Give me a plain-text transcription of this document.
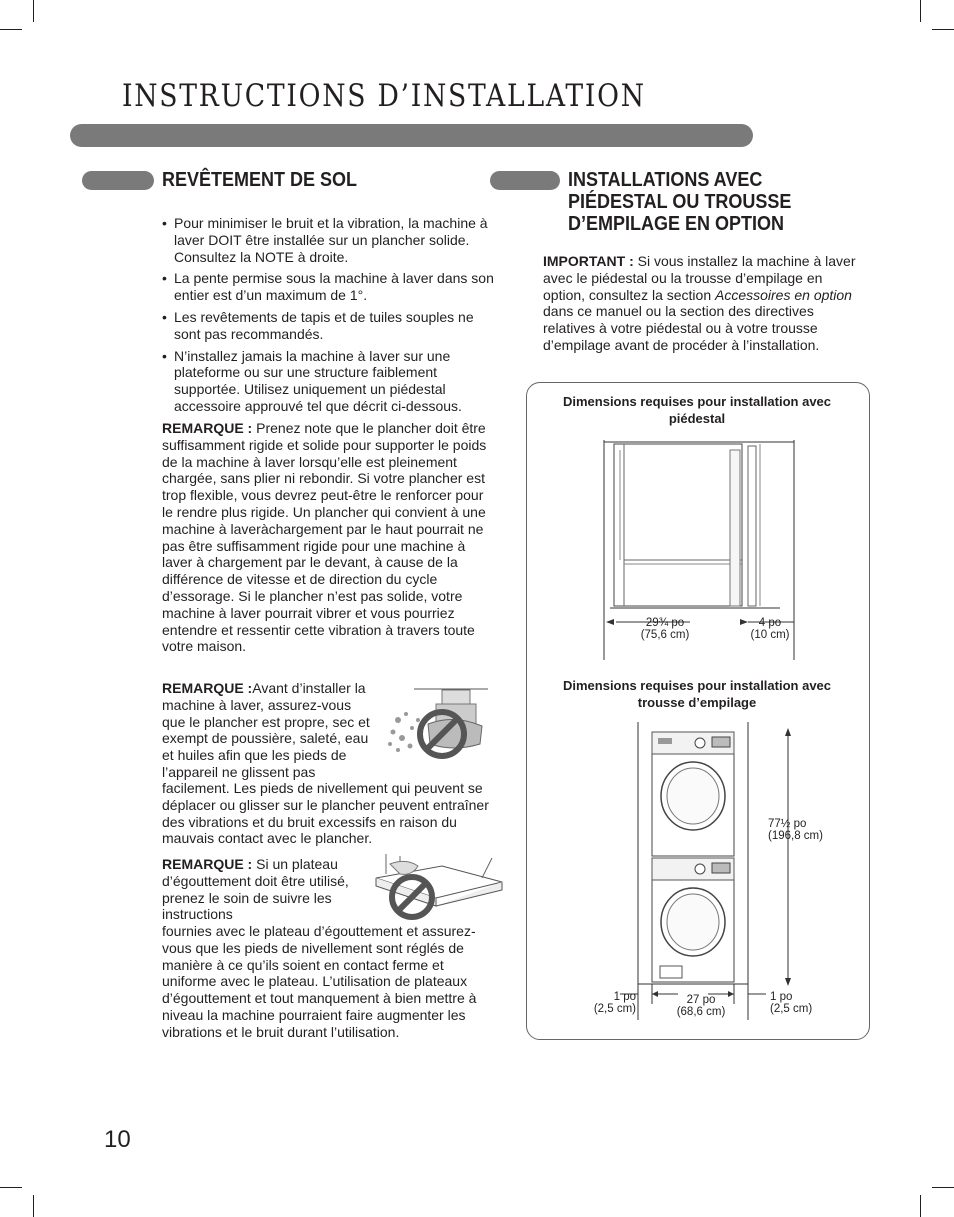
INSTRUCTIONS D’INSTALLATION
REVÊTEMENT DE SOL
• Pour minimiser le bruit et la vibration, la machine à laver DOIT être installée sur un plancher solide. Consultez la NOTE à droite.
• La pente permise sous la machine à laver dans son entier est d’un maximum de 1°.
• Les revêtements de tapis et de tuiles souples ne sont pas recommandés.
• N’installez jamais la machine à laver sur une plateforme ou sur une structure faiblement supportée. Utilisez uniquement un piédestal accessoire approuvé tel que décrit ci-dessous.
REMARQUE : Prenez note que le plancher doit être suffisamment rigide et solide pour supporter le poids de la machine à laver lorsqu’elle est pleinement chargée, sans plier ni rebondir. Si votre plancher est trop flexible, vous devrez peut-être le renforcer pour le rendre plus rigide. Un plancher qui convient à une machine à laveràchargement par le haut pourrait ne pas être suffisamment rigide pour une machine à laver à chargement par le devant, à cause de la différence de vitesse et de direction du cycle d’essorage. Si le plancher n’est pas solide, votre machine à laver pourrait vibrer et vous pourriez entendre et ressentir cette vibration à travers toute votre maison.
REMARQUE :Avant d’installer la machine à laver, assurez-vous que le plancher est propre, sec et exempt de poussière, saleté, eau et huiles afin que les pieds de l’appareil ne glissent pas
facilement. Les pieds de nivellement qui peuvent se déplacer ou glisser sur le plancher peuvent entraîner des vibrations et du bruit excessifs en raison du mauvais contact avec le plancher.
REMARQUE : Si un plateau d’égouttement doit être utilisé, prenez le soin de suivre les instructions
fournies avec le plateau d’égouttement et assurez-vous que les pieds de nivellement sont réglés de manière à ce qu’ils soient en contact ferme et uniforme avec le plateau. L’utilisation de plateaux d’égouttement et tout manquement à bien mettre à niveau la machine pourraient faire augmenter les vibrations et le bruit durant l’utilisation.
INSTALLATIONS AVEC PIÉDESTAL OU TROUSSE D’EMPILAGE EN OPTION
IMPORTANT : Si vous installez la machine à laver avec le piédestal ou la trousse d’empilage en option, consultez la section Accessoires en option dans ce manuel ou la section des directives relatives à votre piédestal ou à votre trousse d’empilage avant de procéder à l’installation.
Dimensions requises pour installation avec piédestal
29¾ po
(75,6 cm)
4 po
(10 cm)
Dimensions requises pour installation avec trousse d’empilage
77½ po
(196,8 cm)
1 po
(2,5 cm)
27 po
(68,6 cm)
1 po
(2,5 cm)
10
